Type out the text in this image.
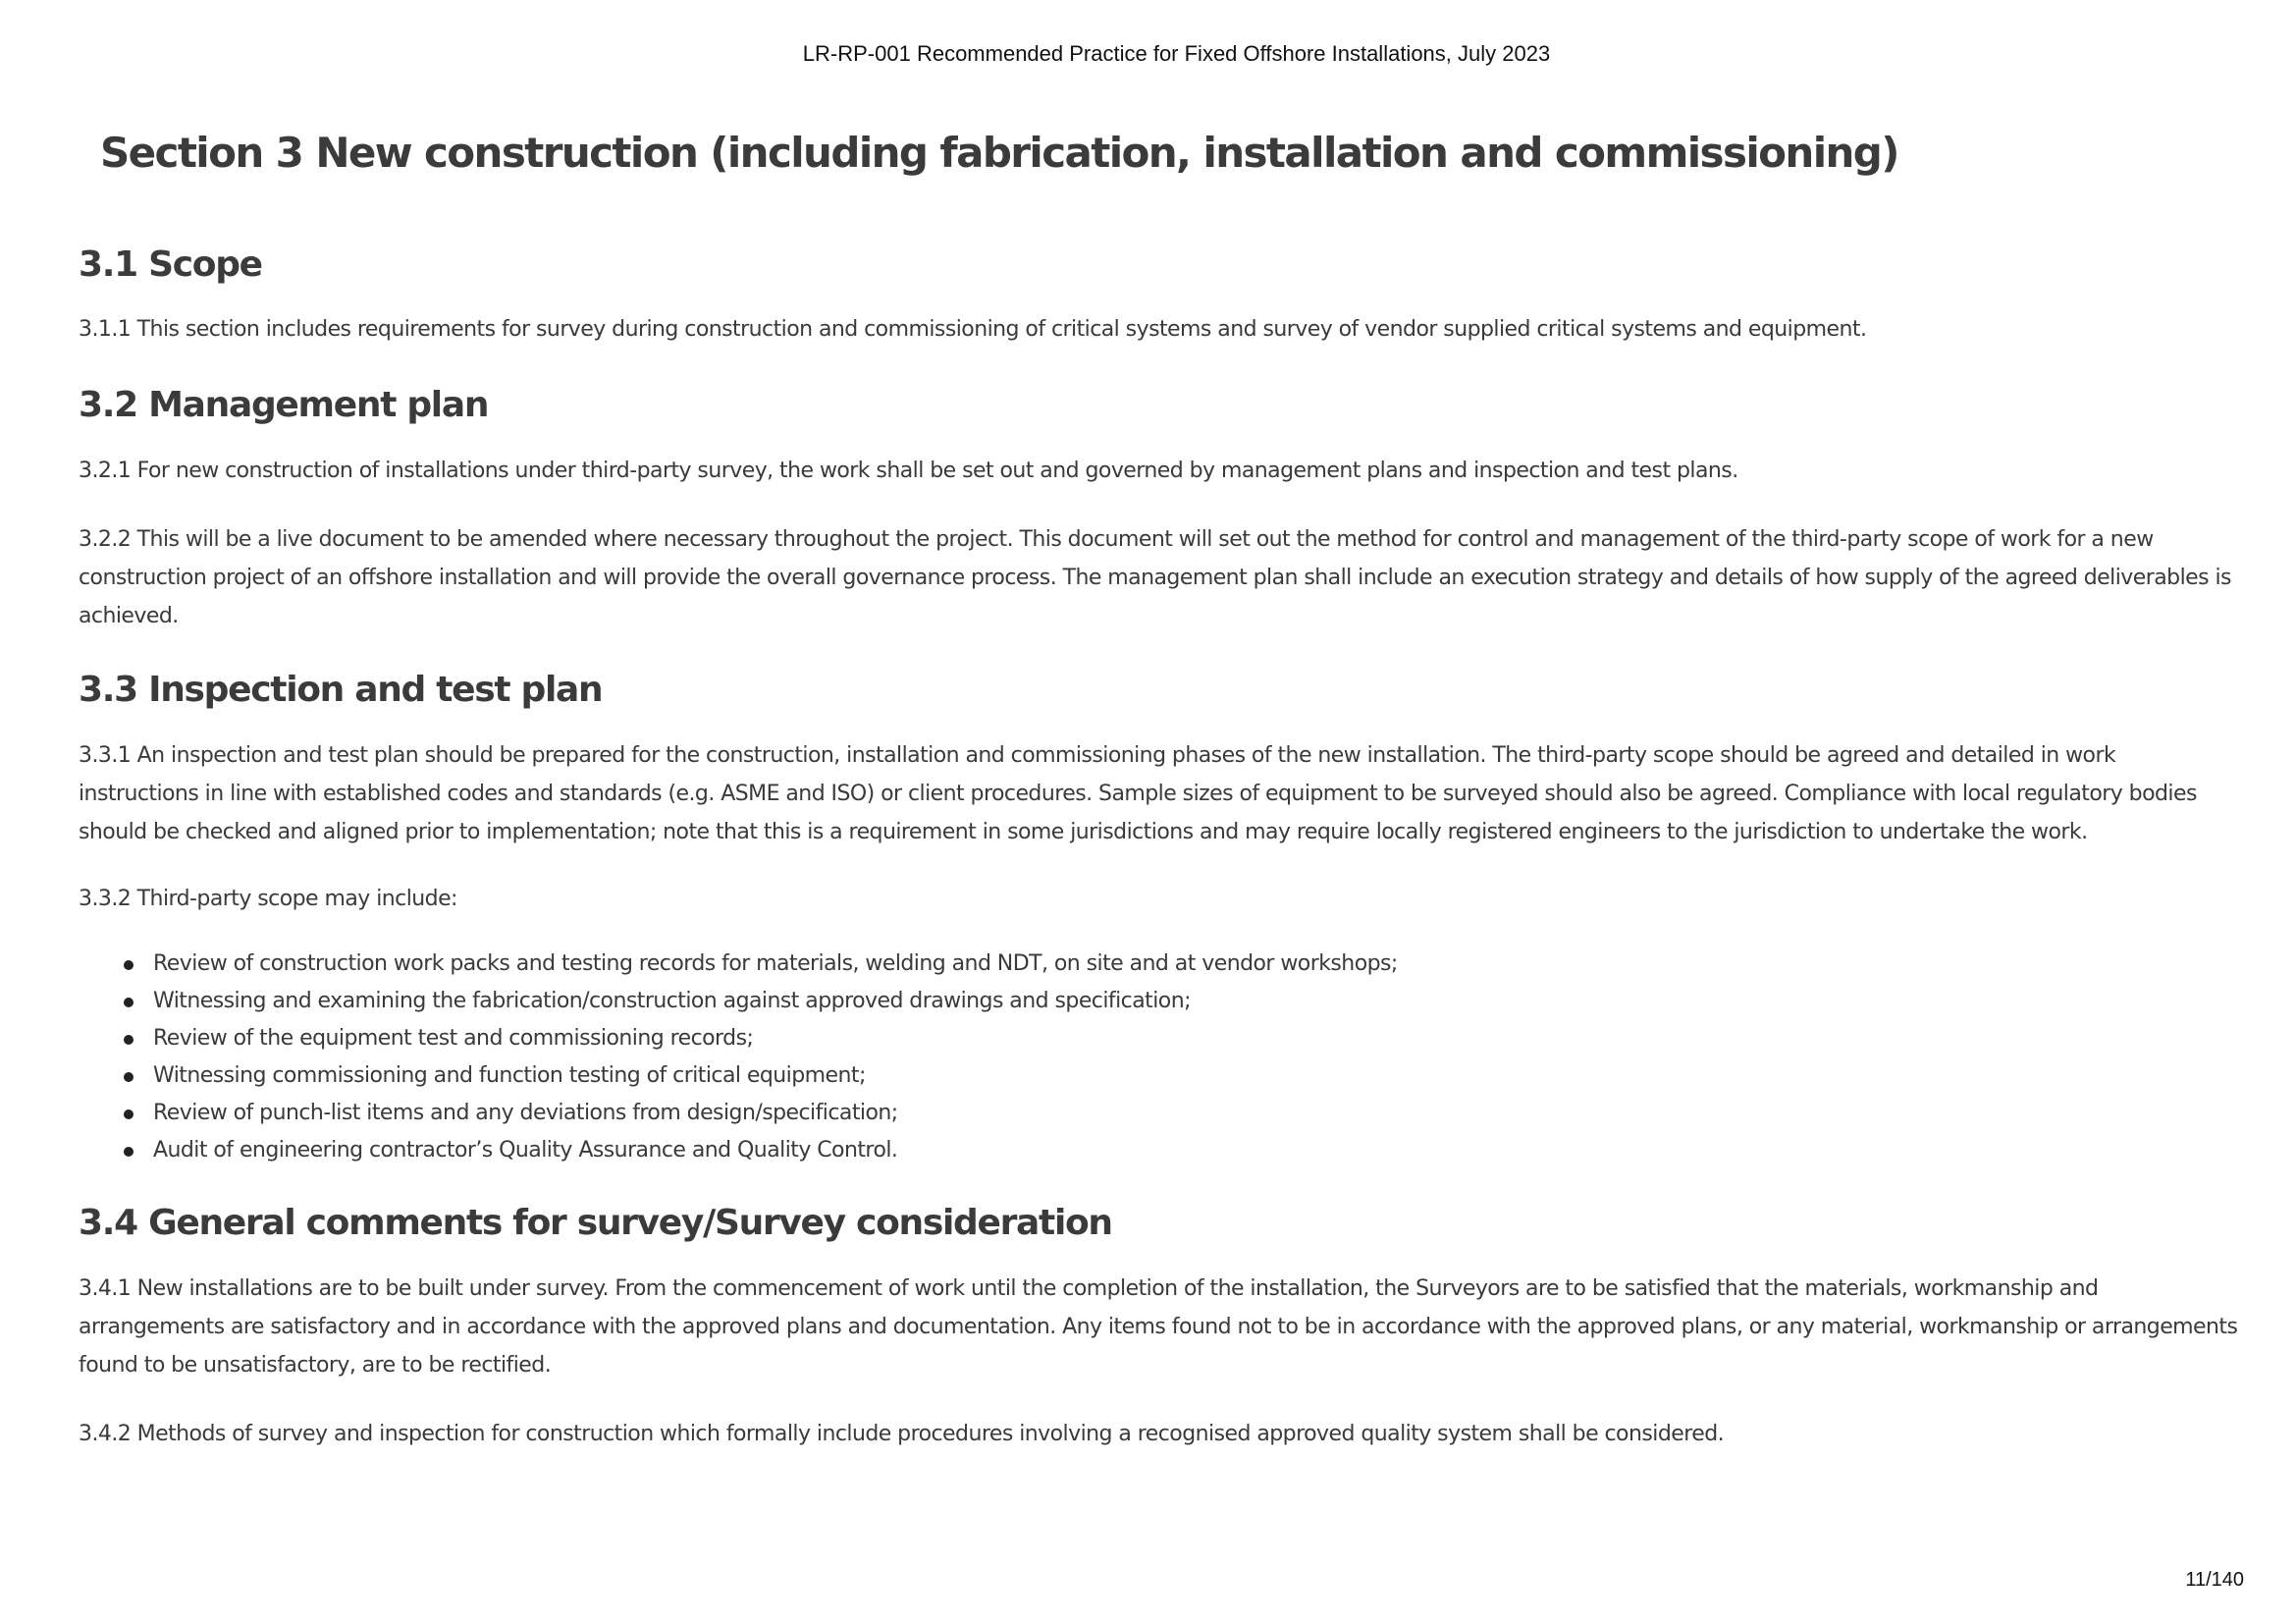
LR-RP-001 Recommended Practice for Fixed Offshore Installations, July 2023
Section 3 New construction (including fabrication, installation and commissioning)
3.1 Scope

3.1.1 This section includes requirements for survey during construction and commissioning of critical systems and survey of vendor supplied critical systems and equipment.

3.2 Management plan

3.2.1 For new construction of installations under third-party survey, the work shall be set out and governed by management plans and inspection and test plans.

3.2.2 This will be a live document to be amended where necessary throughout the project. This document will set out the method for control and management of the third-party scope of work for a new construction project of an offshore installation and will provide the overall governance process. The management plan shall include an execution strategy and details of how supply of the agreed deliverables is achieved.

3.3 Inspection and test plan

3.3.1 An inspection and test plan should be prepared for the construction, installation and commissioning phases of the new installation. The third-party scope should be agreed and detailed in work instructions in line with established codes and standards (e.g. ASME and ISO) or client procedures. Sample sizes of equipment to be surveyed should also be agreed. Compliance with local regulatory bodies should be checked and aligned prior to implementation; note that this is a requirement in some jurisdictions and may require locally registered engineers to the jurisdiction to undertake the work.

3.3.2 Third-party scope may include:

Review of construction work packs and testing records for materials, welding and NDT, on site and at vendor workshops;
Witnessing and examining the fabrication/construction against approved drawings and specification;
Review of the equipment test and commissioning records;
Witnessing commissioning and function testing of critical equipment;
Review of punch-list items and any deviations from design/specification;
Audit of engineering contractor’s Quality Assurance and Quality Control.
3.4 General comments for survey/Survey consideration

3.4.1 New installations are to be built under survey. From the commencement of work until the completion of the installation, the Surveyors are to be satisfied that the materials, workmanship and arrangements are satisfactory and in accordance with the approved plans and documentation. Any items found not to be in accordance with the approved plans, or any material, workmanship or arrangements found to be unsatisfactory, are to be rectified.

3.4.2 Methods of survey and inspection for construction which formally include procedures involving a recognised approved quality system shall be considered.

11/140
